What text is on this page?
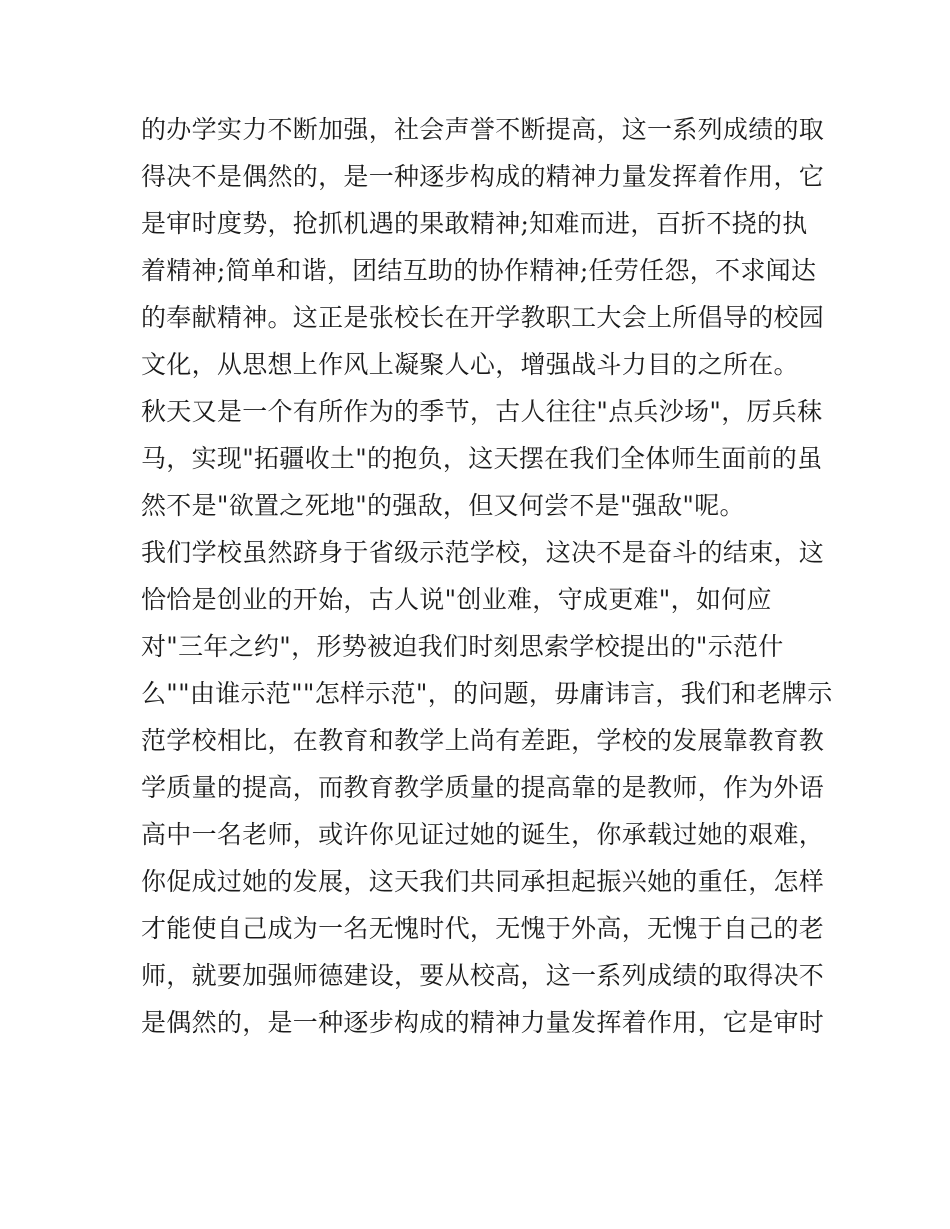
的办学实力不断加强，社会声誉不断提高，这一系列成绩的取
得决不是偶然的，是一种逐步构成的精神力量发挥着作用，它
是审时度势，抢抓机遇的果敢精神;知难而进，百折不挠的执
着精神;简单和谐，团结互助的协作精神;任劳任怨，不求闻达
的奉献精神。这正是张校长在开学教职工大会上所倡导的校园
文化，从思想上作风上凝聚人心，增强战斗力目的之所在。
秋天又是一个有所作为的季节，古人往往"点兵沙场"，厉兵秣
马，实现"拓疆收土"的抱负，这天摆在我们全体师生面前的虽
然不是"欲置之死地"的强敌，但又何尝不是"强敌"呢。
我们学校虽然跻身于省级示范学校，这决不是奋斗的结束，这
恰恰是创业的开始，古人说"创业难，守成更难"，如何应
对"三年之约"，形势被迫我们时刻思索学校提出的"示范什
么""由谁示范""怎样示范"，的问题，毋庸讳言，我们和老牌示
范学校相比，在教育和教学上尚有差距，学校的发展靠教育教
学质量的提高，而教育教学质量的提高靠的是教师，作为外语
高中一名老师，或许你见证过她的诞生，你承载过她的艰难，
你促成过她的发展，这天我们共同承担起振兴她的重任，怎样
才能使自己成为一名无愧时代，无愧于外高，无愧于自己的老
师，就要加强师德建设，要从校高，这一系列成绩的取得决不
是偶然的，是一种逐步构成的精神力量发挥着作用，它是审时
